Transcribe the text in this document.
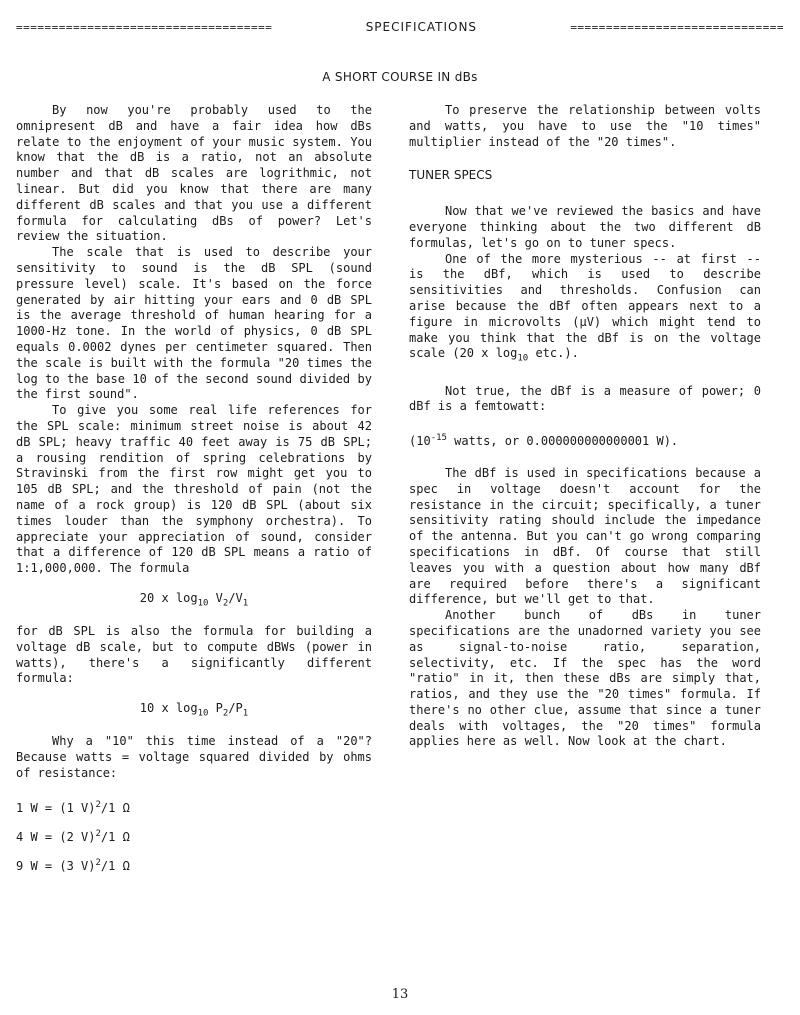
====================================	SPECIFICATIONS	==============================
A SHORT COURSE IN dBs

By now you're probably used to the omnipresent dB and have a fair idea how dBs relate to the enjoyment of your music system. You know that the dB is a ratio, not an absolute number and that dB scales are logrithmic, not linear. But did you know that there are many different dB scales and that you use a different formula for calculating dBs of power? Let's review the situation.

The scale that is used to describe your sensitivity to sound is the dB SPL (sound pressure level) scale. It's based on the force generated by air hitting your ears and 0 dB SPL is the average threshold of human hearing for a 1000-Hz tone. In the world of physics, 0 dB SPL equals 0.0002 dynes per centimeter squared. Then the scale is built with the formula "20 times the log to the base 10 of the second sound divided by the first sound".

To give you some real life references for the SPL scale: minimum street noise is about 42 dB SPL; heavy traffic 40 feet away is 75 dB SPL; a rousing rendition of spring celebrations by Stravinski from the first row might get you to 105 dB SPL; and the threshold of pain (not the name of a rock group) is 120 dB SPL (about six times louder than the symphony orchestra). To appreciate your appreciation of sound, consider that a difference of 120 dB SPL means a ratio of 1:1,000,000. The formula

20 x $\log_{10} V_2/V_1$

for dB SPL is also the formula for building a voltage dB scale, but to compute dBWs (power in watts), there's a significantly different formula:

10 x $\log_{10} P_2/P_1$

Why a "10" this time instead of a "20"? Because watts = voltage squared divided by ohms of resistance:

1 W = (1 V)$^2$/1 Ω

4 W = (2 V)$^2$/1 Ω

9 W = (3 V)$^2$/1 Ω

To preserve the relationship between volts and watts, you have to use the "10 times" multiplier instead of the "20 times".

TUNER SPECS

Now that we've reviewed the basics and have everyone thinking about the two different dB formulas, let's go on to tuner specs.

One of the more mysterious -- at first -- is the dBf, which is used to describe sensitivities and thresholds. Confusion can arise because the dBf often appears next to a figure in microvolts (µV) which might tend to make you think that the dBf is on the voltage scale (20 x $\log_{10} etc$.).

Not true, the dBf is a measure of power; 0 dBf is a femtowatt:

($10^{-15}$ watts, or 0.000000000000001 W).

The dBf is used in specifications because a spec in voltage doesn't account for the resistance in the circuit; specifically, a tuner sensitivity rating should include the impedance of the antenna. But you can't go wrong comparing specifications in dBf. Of course that still leaves you with a question about how many dBf are required before there's a significant difference, but we'll get to that.

Another bunch of dBs in tuner specifications are the unadorned variety you see as signal-to-noise ratio, separation, selectivity, etc. If the spec has the word "ratio" in it, then these dBs are simply that, ratios, and they use the "20 times" formula. If there's no other clue, assume that since a tuner deals with voltages, the "20 times" formula applies here as well. Now look at the chart.

13
